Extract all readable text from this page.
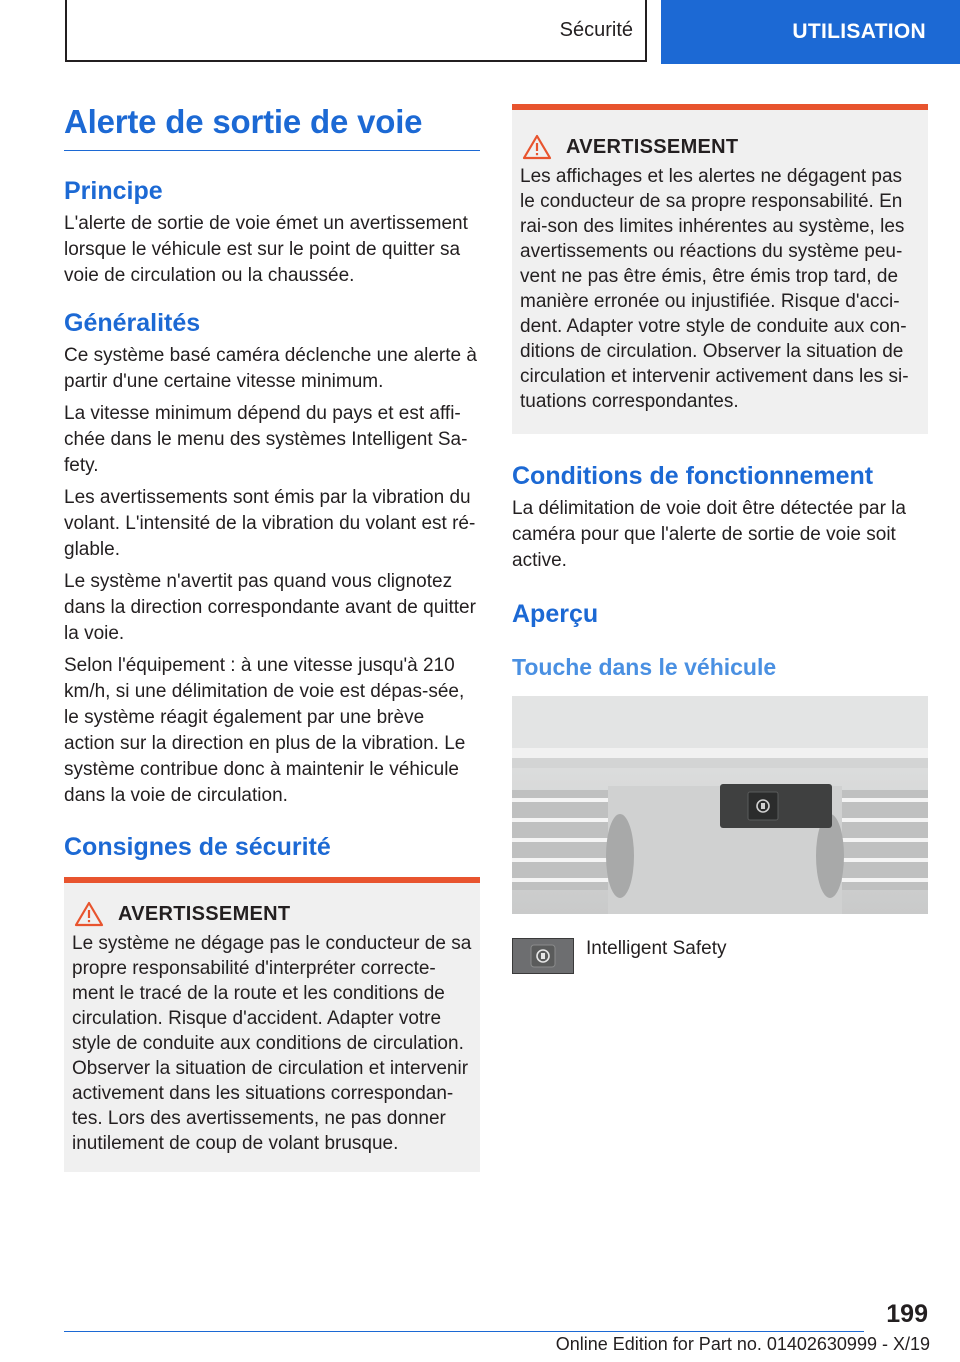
Sécurité	UTILISATION
Alerte de sortie de voie
Principe

L'alerte de sortie de voie émet un avertissement lorsque le véhicule est sur le point de quitter sa voie de circulation ou la chaussée.

Généralités

Ce système basé caméra déclenche une alerte à partir d'une certaine vitesse minimum.

La vitesse minimum dépend du pays et est affi-chée dans le menu des systèmes Intelligent Sa-fety.

Les avertissements sont émis par la vibration du volant. L'intensité de la vibration du volant est ré-glable.

Le système n'avertit pas quand vous clignotez dans la direction correspondante avant de quitter la voie.

Selon l'équipement : à une vitesse jusqu'à 210 km/h, si une délimitation de voie est dépas-sée, le système réagit également par une brève action sur la direction en plus de la vibration. Le système contribue donc à maintenir le véhicule dans la voie de circulation.

Consignes de sécurité
AVERTISSEMENT

Le système ne dégage pas le conducteur de sa propre responsabilité d'interpréter correcte-ment le tracé de la route et les conditions de circulation. Risque d'accident. Adapter votre style de conduite aux conditions de circulation. Observer la situation de circulation et intervenir activement dans les situations correspondan-tes. Lors des avertissements, ne pas donner inutilement de coup de volant brusque.

AVERTISSEMENT

Les affichages et les alertes ne dégagent pas le conducteur de sa propre responsabilité. En rai-son des limites inhérentes au système, les avertissements ou réactions du système peu-vent ne pas être émis, être émis trop tard, de manière erronée ou injustifiée. Risque d'acci-dent. Adapter votre style de conduite aux con-ditions de circulation. Observer la situation de circulation et intervenir activement dans les si-tuations correspondantes.

Conditions de fonctionnement

La délimitation de voie doit être détectée par la caméra pour que l'alerte de sortie de voie soit active.

Aperçu
Touche dans le véhicule
Intelligent Safety
199
Online Edition for Part no. 01402630999 - X/19
